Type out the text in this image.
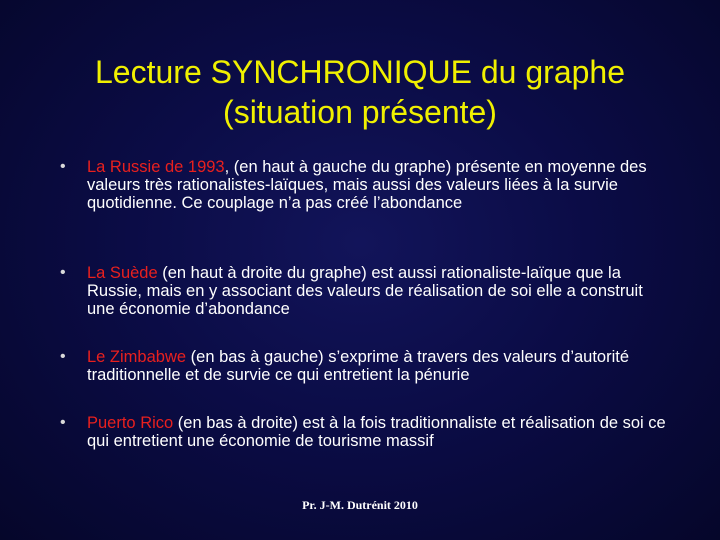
Lecture SYNCHRONIQUE du graphe
(situation présente)
• La Russie de 1993, (en haut à gauche du graphe) présente en moyenne des valeurs très rationalistes-laïques, mais aussi des valeurs liées à la survie quotidienne. Ce couplage n’a pas créé l’abondance
• La Suède (en haut à droite du graphe) est aussi rationaliste-laïque que la Russie, mais en y associant des valeurs de réalisation de soi elle a construit une économie d’abondance
• Le Zimbabwe (en bas à gauche) s’exprime à travers des valeurs d’autorité traditionnelle et de survie ce qui entretient la pénurie
• Puerto Rico (en bas à droite) est à la fois traditionnaliste et réalisation de soi ce qui entretient une économie de tourisme massif
Pr. J-M. Dutrénit 2010
